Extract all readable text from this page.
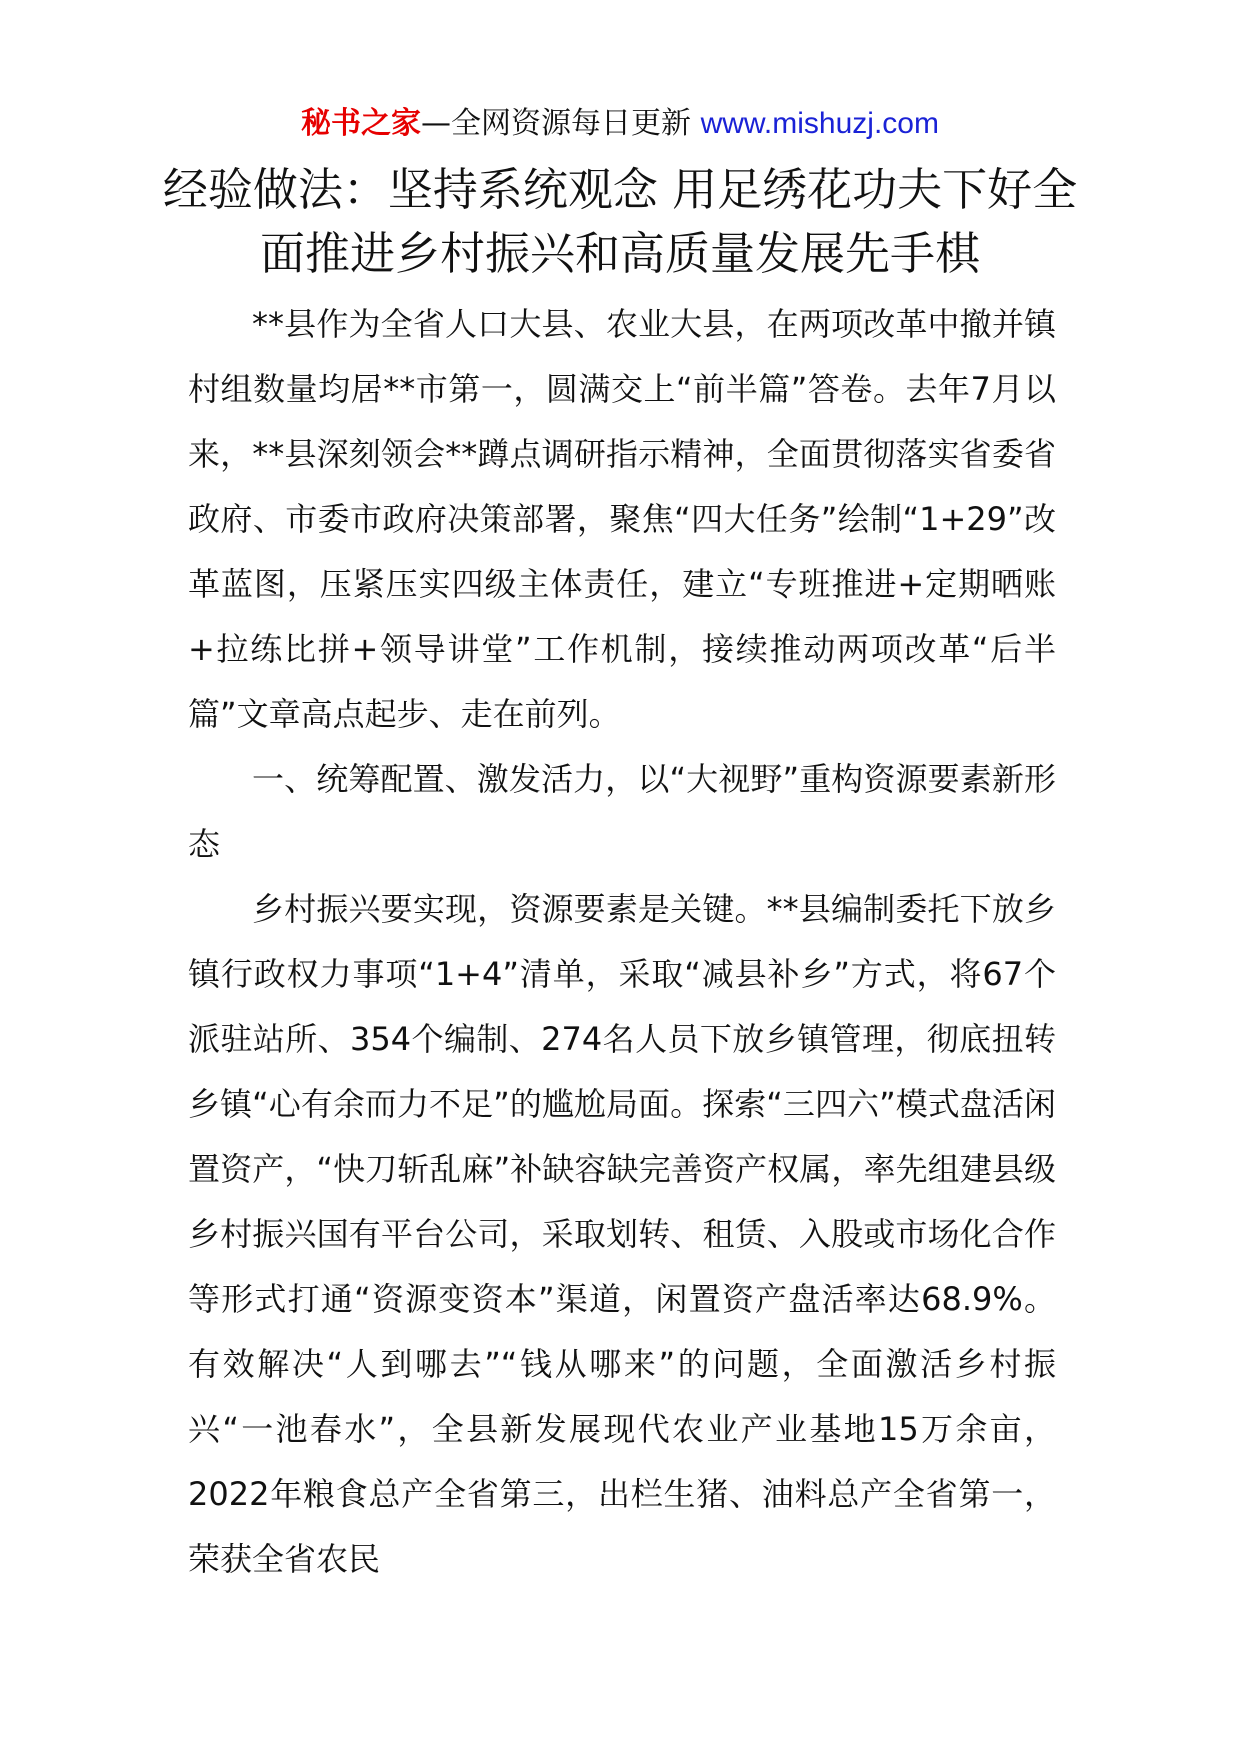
秘书之家—全网资源每日更新 www.mishuzj.com
经验做法：坚持系统观念 用足绣花功夫下好全面推进乡村振兴和高质量发展先手棋

**县作为全省人口大县、农业大县，在两项改革中撤并镇村组数量均居**市第一，圆满交上“前半篇”答卷。去年7月以来，**县深刻领会**蹲点调研指示精神，全面贯彻落实省委省政府、市委市政府决策部署，聚焦“四大任务”绘制“1+29”改革蓝图，压紧压实四级主体责任，建立“专班推进+定期晒账+拉练比拼+领导讲堂”工作机制，接续推动两项改革“后半篇”文章高点起步、走在前列。

一、统筹配置、激发活力，以“大视野”重构资源要素新形态

乡村振兴要实现，资源要素是关键。**县编制委托下放乡镇行政权力事项“1+4”清单，采取“减县补乡”方式，将67个派驻站所、354个编制、274名人员下放乡镇管理，彻底扭转乡镇“心有余而力不足”的尴尬局面。探索“三四六”模式盘活闲置资产，“快刀斩乱麻”补缺容缺完善资产权属，率先组建县级乡村振兴国有平台公司，采取划转、租赁、入股或市场化合作等形式打通“资源变资本”渠道，闲置资产盘活率达68.9%。有效解决“人到哪去”“钱从哪来”的问题，全面激活乡村振兴“一池春水”，全县新发展现代农业产业基地15万余亩，2022年粮食总产全省第三，出栏生猪、油料总产全省第一，荣获全省农民
